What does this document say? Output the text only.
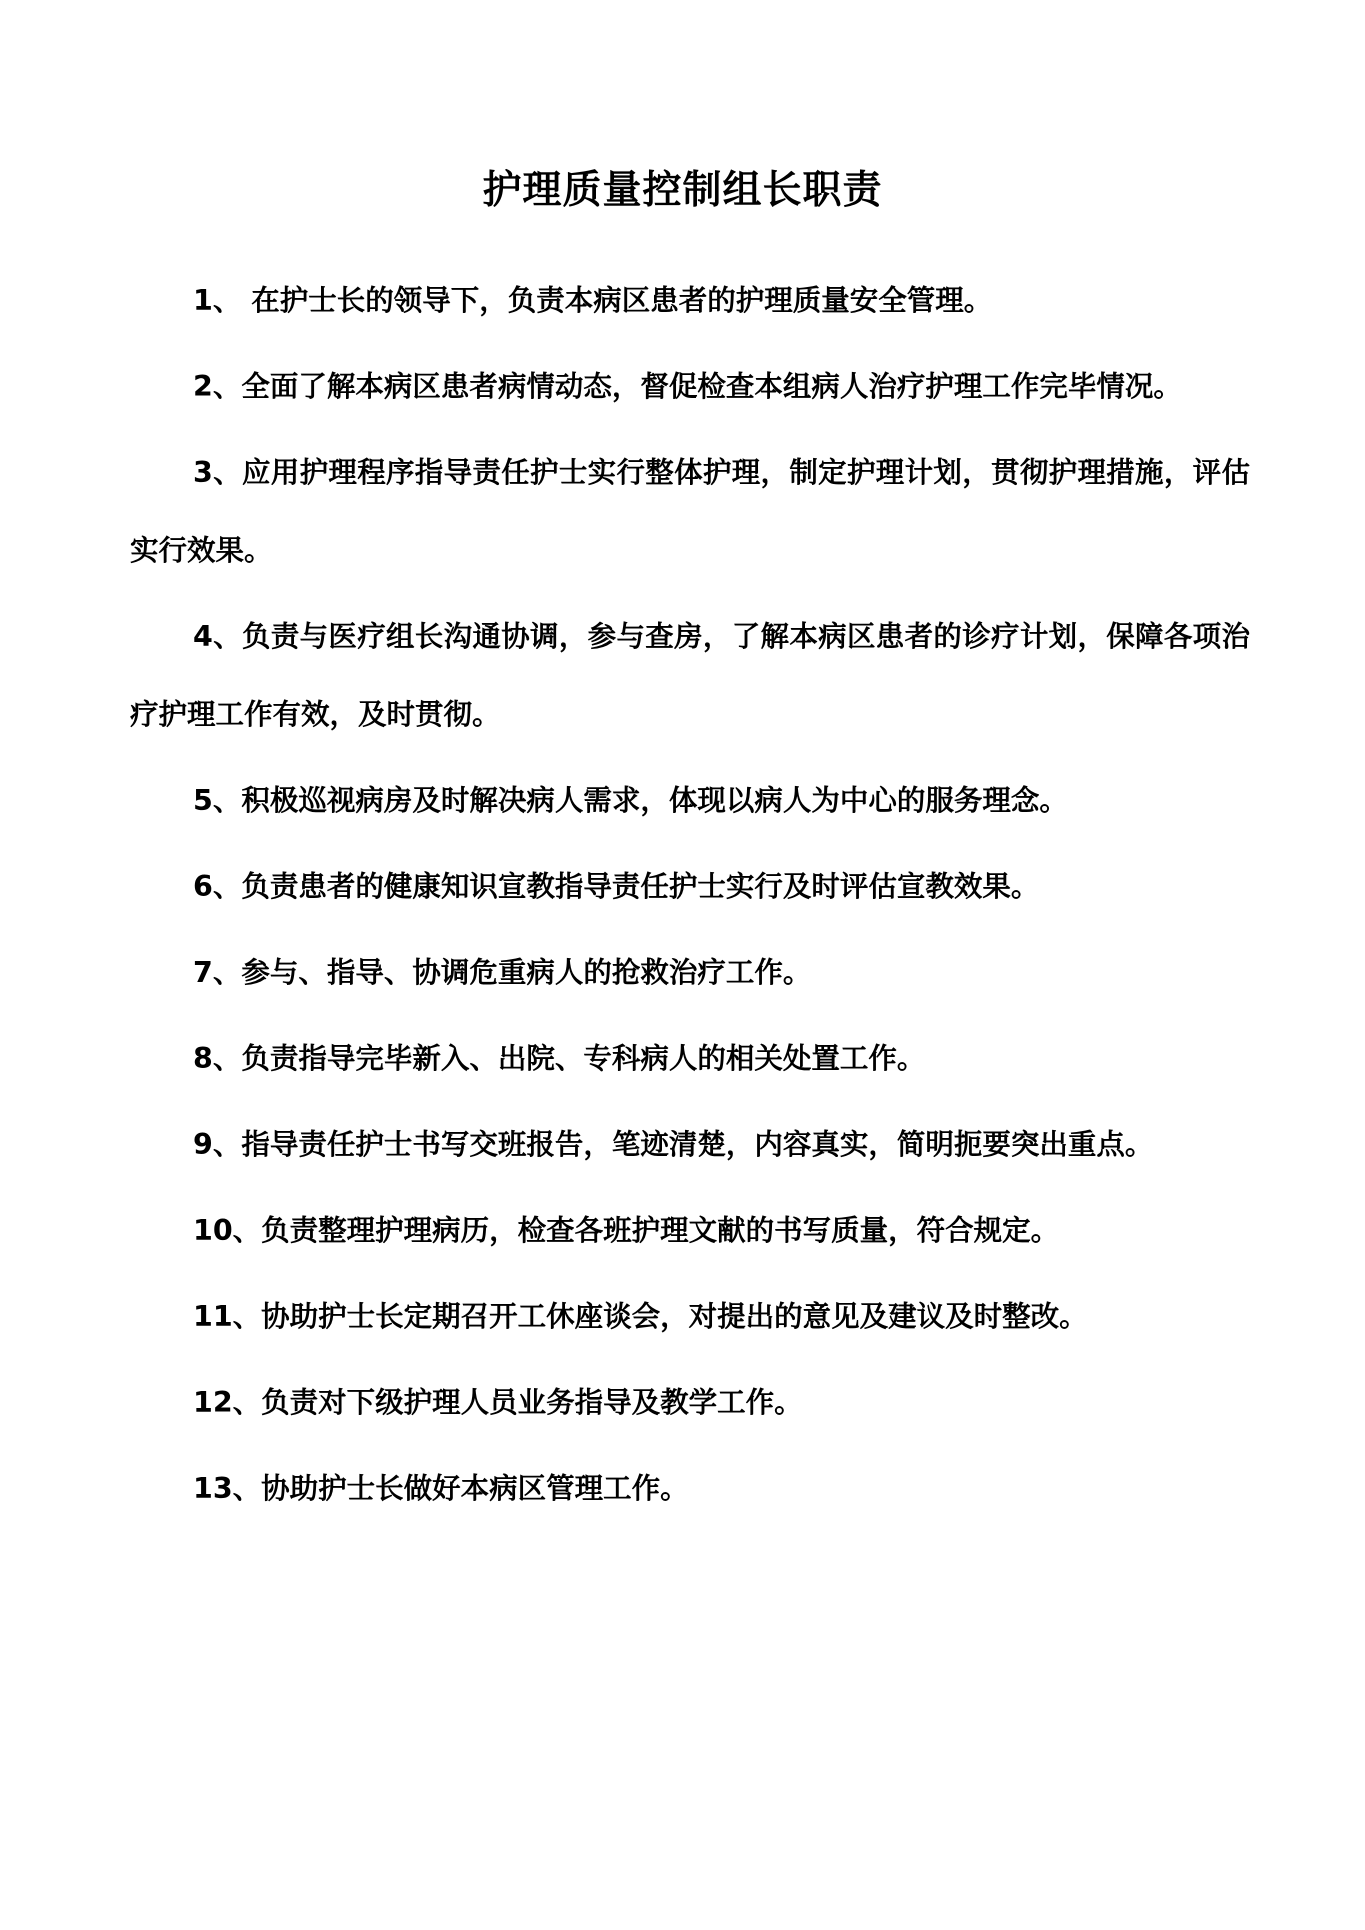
护理质量控制组长职责
1、 在护士长的领导下，负责本病区患者的护理质量安全管理。
2、全面了解本病区患者病情动态，督促检查本组病人治疗护理工作完毕情况。
3、应用护理程序指导责任护士实行整体护理，制定护理计划，贯彻护理措施，评估实行效果。
4、负责与医疗组长沟通协调，参与查房，了解本病区患者的诊疗计划，保障各项治疗护理工作有效，及时贯彻。
5、积极巡视病房及时解决病人需求，体现以病人为中心的服务理念。
6、负责患者的健康知识宣教指导责任护士实行及时评估宣教效果。
7、参与、指导、协调危重病人的抢救治疗工作。
8、负责指导完毕新入、出院、专科病人的相关处置工作。
9、指导责任护士书写交班报告，笔迹清楚，内容真实，简明扼要突出重点。
10、负责整理护理病历，检查各班护理文献的书写质量，符合规定。
11、协助护士长定期召开工休座谈会，对提出的意见及建议及时整改。
12、负责对下级护理人员业务指导及教学工作。
13、协助护士长做好本病区管理工作。
